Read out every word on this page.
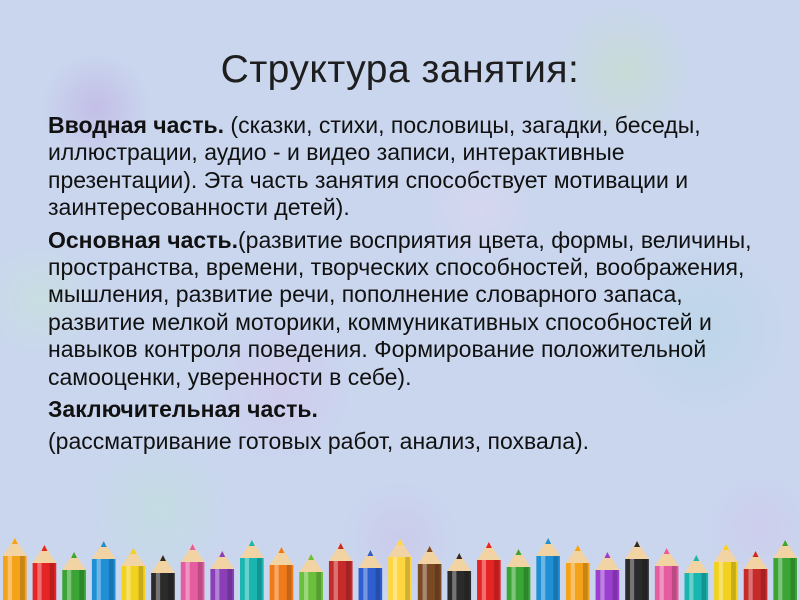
Структура занятия:

Вводная часть. (сказки, стихи, пословицы, загадки, беседы, иллюстрации, аудио - и видео записи, интерактивные презентации). Эта часть занятия способствует мотивации и заинтересованности детей).

Основная часть.(развитие восприятия цвета, формы, величины, пространства, времени, творческих способностей, воображения, мышления, развитие речи, пополнение словарного запаса, развитие мелкой моторики, коммуникативных способностей и навыков контроля поведения. Формирование положительной самооценки, уверенности в себе).

Заключительная часть.

(рассматривание готовых работ, анализ, похвала).
